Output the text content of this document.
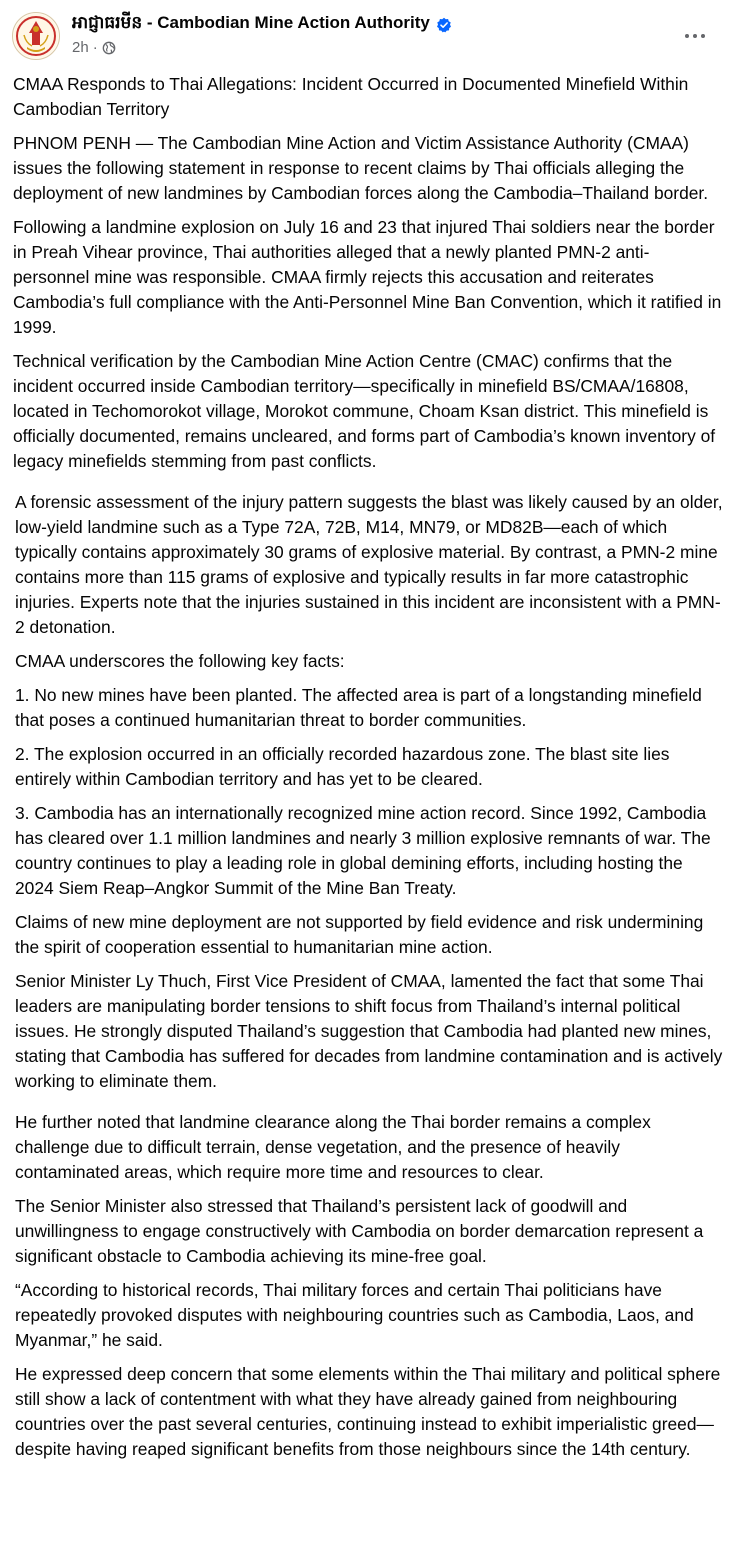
អាជ្ញាធរមីន - Cambodian Mine Action Authority
2h ·

CMAA Responds to Thai Allegations: Incident Occurred in Documented Minefield Within Cambodian Territory

PHNOM PENH — The Cambodian Mine Action and Victim Assistance Authority (CMAA) issues the following statement in response to recent claims by Thai officials alleging the deployment of new landmines by Cambodian forces along the Cambodia–Thailand border.

Following a landmine explosion on July 16 and 23 that injured Thai soldiers near the border in Preah Vihear province, Thai authorities alleged that a newly planted PMN-2 anti-personnel mine was responsible. CMAA firmly rejects this accusation and reiterates Cambodia’s full compliance with the Anti-Personnel Mine Ban Convention, which it ratified in 1999.

Technical verification by the Cambodian Mine Action Centre (CMAC) confirms that the incident occurred inside Cambodian territory—specifically in minefield BS/CMAA/16808, located in Techomorokot village, Morokot commune, Choam Ksan district. This minefield is officially documented, remains uncleared, and forms part of Cambodia’s known inventory of legacy minefields stemming from past conflicts.

A forensic assessment of the injury pattern suggests the blast was likely caused by an older, low-yield landmine such as a Type 72A, 72B, M14, MN79, or MD82B—each of which typically contains approximately 30 grams of explosive material. By contrast, a PMN-2 mine contains more than 115 grams of explosive and typically results in far more catastrophic injuries. Experts note that the injuries sustained in this incident are inconsistent with a PMN-2 detonation.

CMAA underscores the following key facts:

1. No new mines have been planted. The affected area is part of a longstanding minefield that poses a continued humanitarian threat to border communities.

2. The explosion occurred in an officially recorded hazardous zone. The blast site lies entirely within Cambodian territory and has yet to be cleared.

3. Cambodia has an internationally recognized mine action record. Since 1992, Cambodia has cleared over 1.1 million landmines and nearly 3 million explosive remnants of war. The country continues to play a leading role in global demining efforts, including hosting the 2024 Siem Reap–Angkor Summit of the Mine Ban Treaty.

Claims of new mine deployment are not supported by field evidence and risk undermining the spirit of cooperation essential to humanitarian mine action.

Senior Minister Ly Thuch, First Vice President of CMAA, lamented the fact that some Thai leaders are manipulating border tensions to shift focus from Thailand’s internal political issues. He strongly disputed Thailand’s suggestion that Cambodia had planted new mines, stating that Cambodia has suffered for decades from landmine contamination and is actively working to eliminate them.

He further noted that landmine clearance along the Thai border remains a complex challenge due to difficult terrain, dense vegetation, and the presence of heavily contaminated areas, which require more time and resources to clear.

The Senior Minister also stressed that Thailand’s persistent lack of goodwill and unwillingness to engage constructively with Cambodia on border demarcation represent a significant obstacle to Cambodia achieving its mine-free goal.

“According to historical records, Thai military forces and certain Thai politicians have repeatedly provoked disputes with neighbouring countries such as Cambodia, Laos, and Myanmar,” he said.

He expressed deep concern that some elements within the Thai military and political sphere still show a lack of contentment with what they have already gained from neighbouring countries over the past several centuries, continuing instead to exhibit imperialistic greed—despite having reaped significant benefits from those neighbours since the 14th century.
